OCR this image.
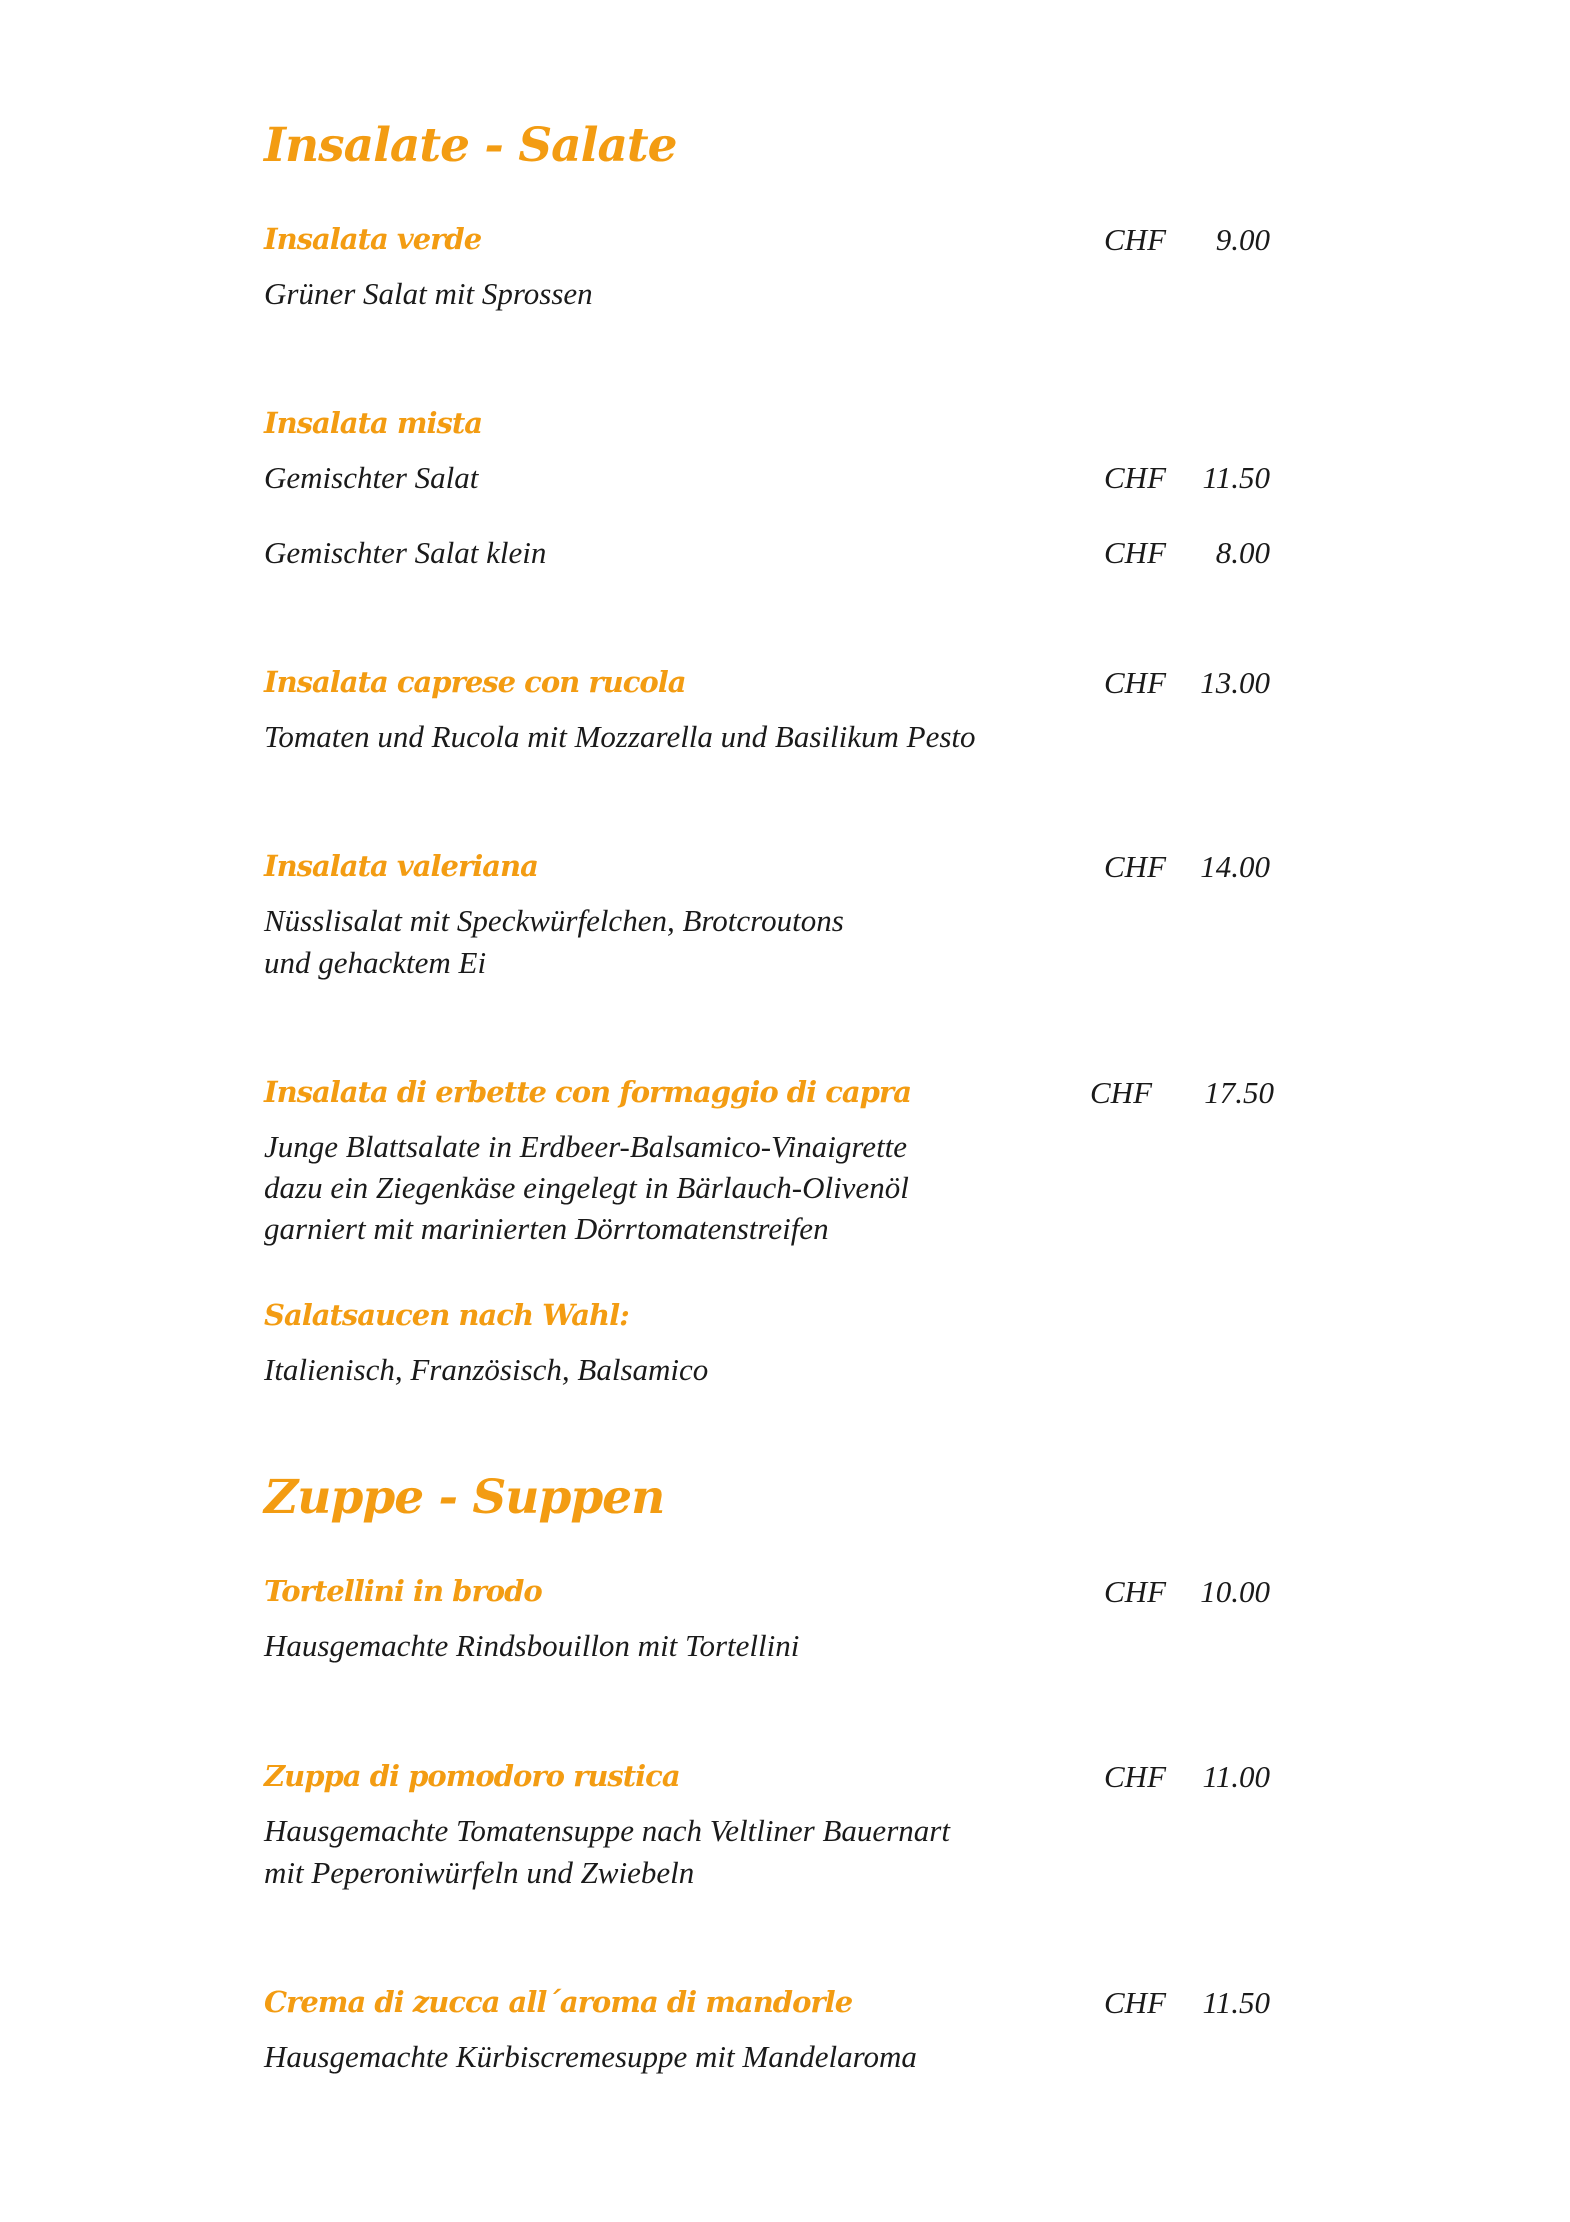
Insalate - Salate
Insalata verde	CHF	9.00
Grüner Salat mit Sprossen
Insalata mista
Gemischter Salat	CHF	11.50
Gemischter Salat klein	CHF	8.00
Insalata caprese con rucola	CHF	13.00
Tomaten und Rucola mit Mozzarella und Basilikum Pesto
Insalata valeriana	CHF	14.00
Nüsslisalat mit Speckwürfelchen, Brotcroutons
und gehacktem Ei
Insalata di erbette con formaggio di capra	CHF	17.50
Junge Blattsalate in Erdbeer-Balsamico-Vinaigrette
dazu ein Ziegenkäse eingelegt in Bärlauch-Olivenöl
garniert mit marinierten Dörrtomatenstreifen
Salatsaucen nach Wahl:
Italienisch, Französisch, Balsamico
Zuppe - Suppen
Tortellini in brodo	CHF	10.00
Hausgemachte Rindsbouillon mit Tortellini
Zuppa di pomodoro rustica	CHF	11.00
Hausgemachte Tomatensuppe nach Veltliner Bauernart
mit Peperoniwürfeln und Zwiebeln
Crema di zucca all´aroma di mandorle	CHF	11.50
Hausgemachte Kürbiscremesuppe mit Mandelaroma
